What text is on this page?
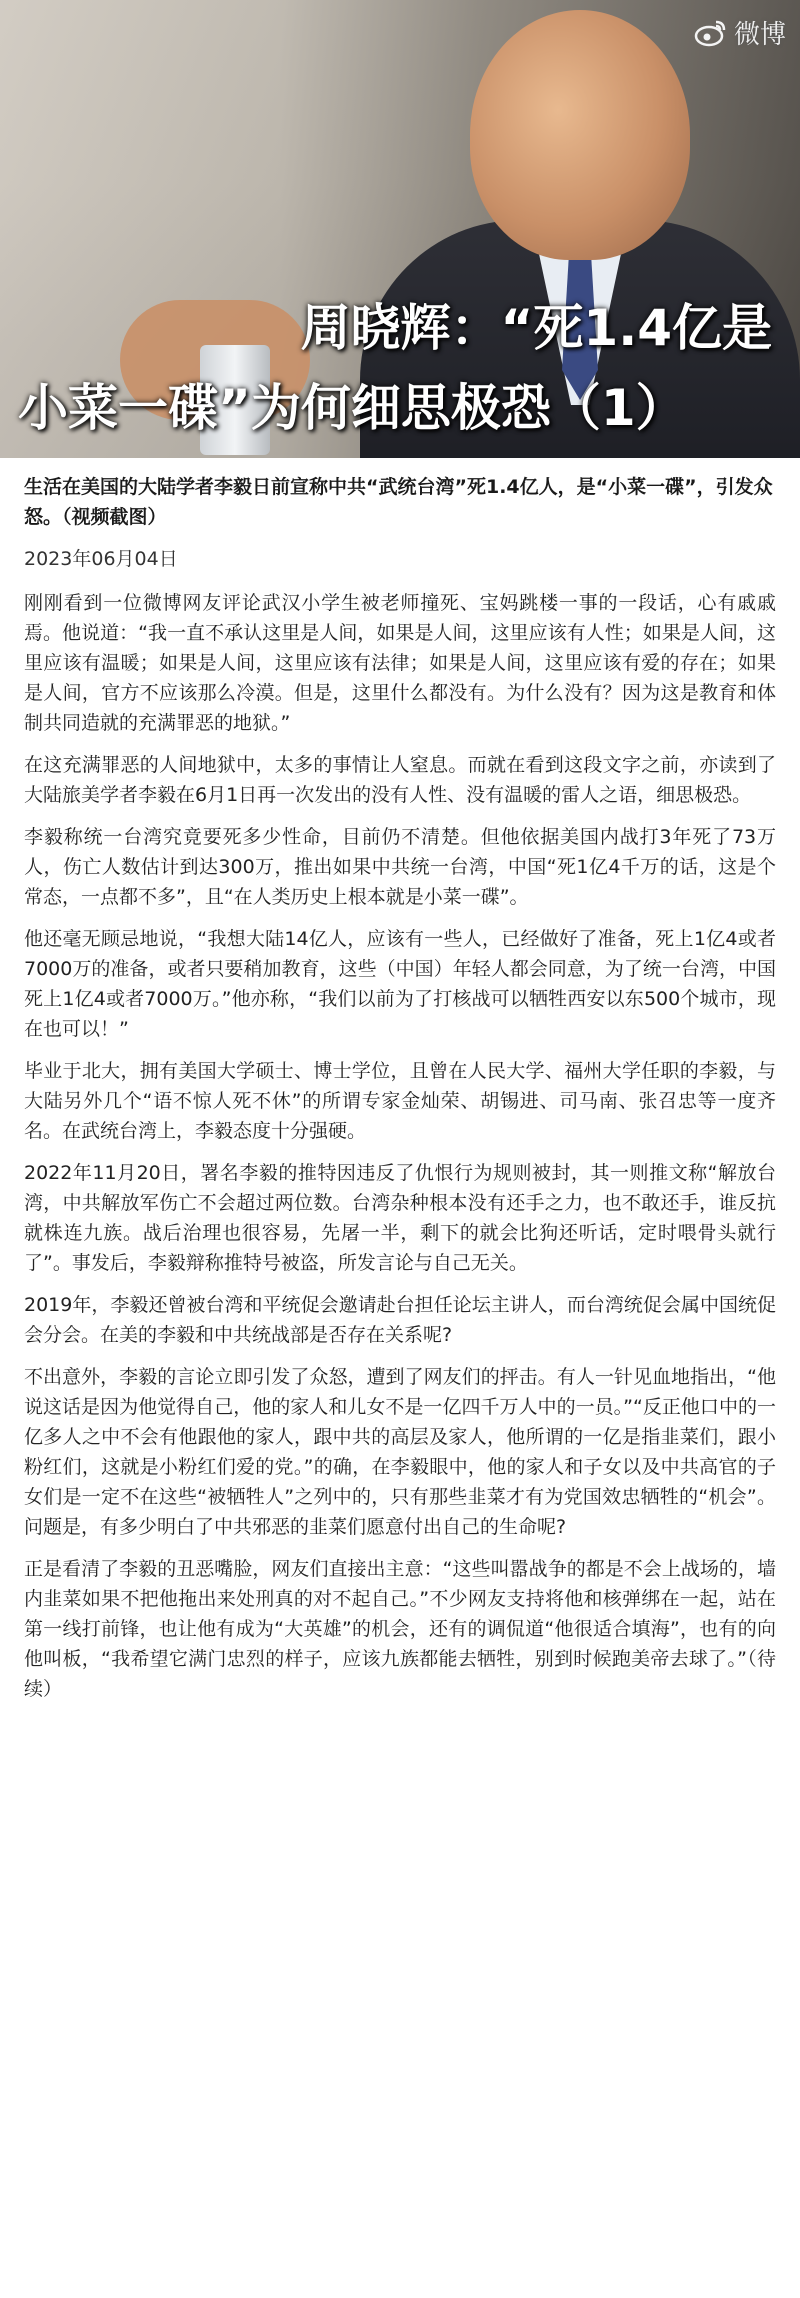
微博
周晓辉：“死1.4亿是
小菜一碟”为何细思极恐（1）

生活在美国的大陆学者李毅日前宣称中共“武统台湾”死1.4亿人，是“小菜一碟”，引发众怒。（视频截图）

2023年06月04日

刚刚看到一位微博网友评论武汉小学生被老师撞死、宝妈跳楼一事的一段话，心有戚戚焉。他说道：“我一直不承认这里是人间，如果是人间，这里应该有人性；如果是人间，这里应该有温暖；如果是人间，这里应该有法律；如果是人间，这里应该有爱的存在；如果是人间，官方不应该那么冷漠。但是，这里什么都没有。为什么没有？因为这是教育和体制共同造就的充满罪恶的地狱。”

在这充满罪恶的人间地狱中，太多的事情让人窒息。而就在看到这段文字之前，亦读到了大陆旅美学者李毅在6月1日再一次发出的没有人性、没有温暖的雷人之语，细思极恐。

李毅称统一台湾究竟要死多少性命，目前仍不清楚。但他依据美国内战打3年死了73万人，伤亡人数估计到达300万，推出如果中共统一台湾，中国“死1亿4千万的话，这是个常态，一点都不多”，且“在人类历史上根本就是小菜一碟”。

他还毫无顾忌地说，“我想大陆14亿人，应该有一些人，已经做好了准备，死上1亿4或者7000万的准备，或者只要稍加教育，这些（中国）年轻人都会同意，为了统一台湾，中国死上1亿4或者7000万。”他亦称，“我们以前为了打核战可以牺牲西安以东500个城市，现在也可以！”

毕业于北大，拥有美国大学硕士、博士学位，且曾在人民大学、福州大学任职的李毅，与大陆另外几个“语不惊人死不休”的所谓专家金灿荣、胡锡进、司马南、张召忠等一度齐名。在武统台湾上，李毅态度十分强硬。

2022年11月20日，署名李毅的推特因违反了仇恨行为规则被封，其一则推文称“解放台湾，中共解放军伤亡不会超过两位数。台湾杂种根本没有还手之力，也不敢还手，谁反抗就株连九族。战后治理也很容易，先屠一半，剩下的就会比狗还听话，定时喂骨头就行了”。事发后，李毅辩称推特号被盗，所发言论与自己无关。

2019年，李毅还曾被台湾和平统促会邀请赴台担任论坛主讲人，而台湾统促会属中国统促会分会。在美的李毅和中共统战部是否存在关系呢?

不出意外，李毅的言论立即引发了众怒，遭到了网友们的抨击。有人一针见血地指出，“他说这话是因为他觉得自己，他的家人和儿女不是一亿四千万人中的一员。”“反正他口中的一亿多人之中不会有他跟他的家人，跟中共的高层及家人，他所谓的一亿是指韭菜们，跟小粉红们，这就是小粉红们爱的党。”的确，在李毅眼中，他的家人和子女以及中共高官的子女们是一定不在这些“被牺牲人”之列中的，只有那些韭菜才有为党国效忠牺牲的“机会”。问题是，有多少明白了中共邪恶的韭菜们愿意付出自己的生命呢?

正是看清了李毅的丑恶嘴脸，网友们直接出主意：“这些叫嚣战争的都是不会上战场的，墙内韭菜如果不把他拖出来处刑真的对不起自己。”不少网友支持将他和核弹绑在一起，站在第一线打前锋，也让他有成为“大英雄”的机会，还有的调侃道“他很适合填海”，也有的向他叫板，“我希望它满门忠烈的样子，应该九族都能去牺牲，别到时候跑美帝去球了。”（待续）
